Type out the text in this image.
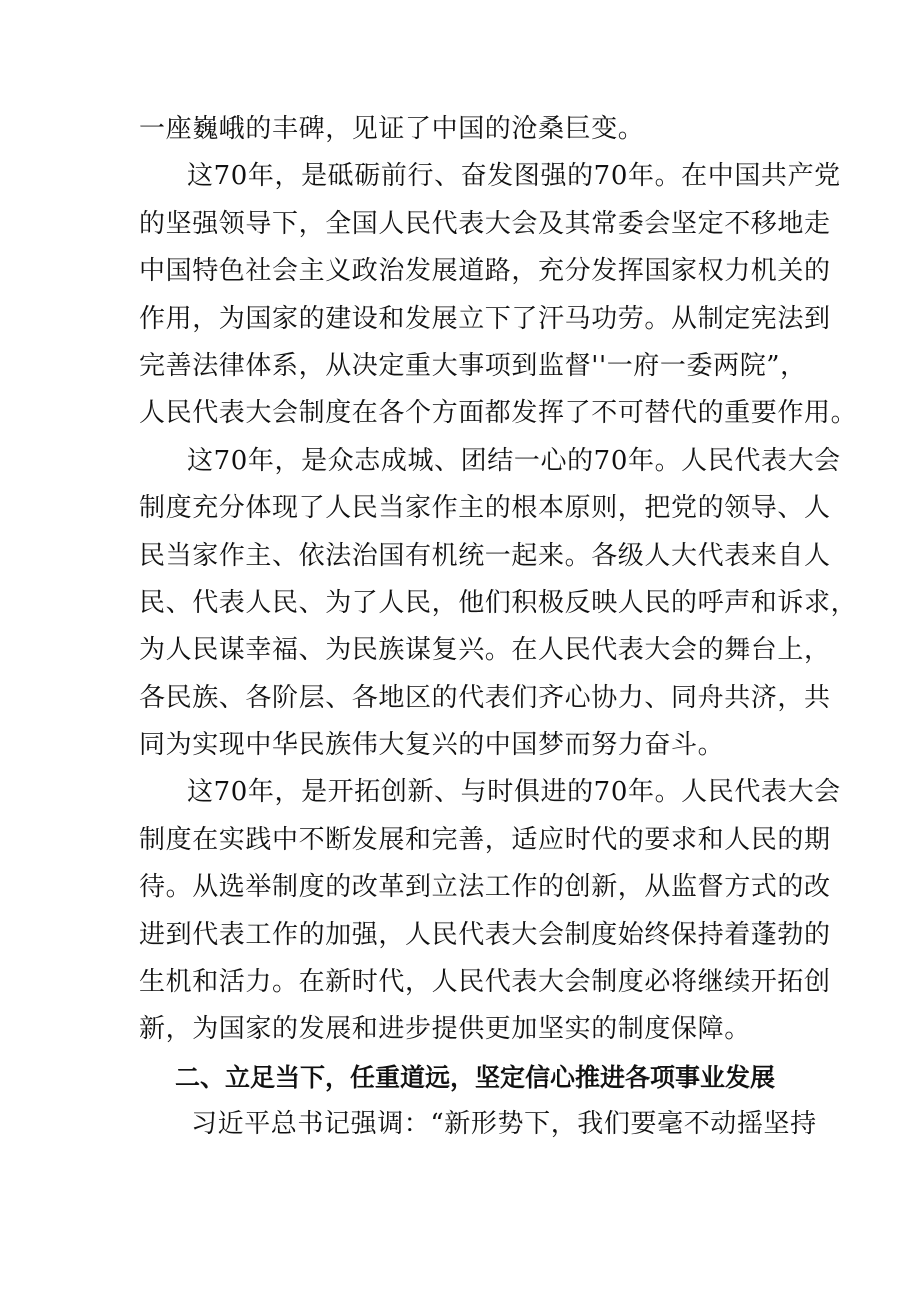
一座巍峨的丰碑，见证了中国的沧桑巨变。
这70年，是砥砺前行、奋发图强的70年。在中国共产党
的坚强领导下，全国人民代表大会及其常委会坚定不移地走
中国特色社会主义政治发展道路，充分发挥国家权力机关的
作用，为国家的建设和发展立下了汗马功劳。从制定宪法到
完善法律体系，从决定重大事项到监督''一府一委两院”，
人民代表大会制度在各个方面都发挥了不可替代的重要作用。
这70年，是众志成城、团结一心的70年。人民代表大会
制度充分体现了人民当家作主的根本原则，把党的领导、人
民当家作主、依法治国有机统一起来。各级人大代表来自人
民、代表人民、为了人民，他们积极反映人民的呼声和诉求，
为人民谋幸福、为民族谋复兴。在人民代表大会的舞台上，
各民族、各阶层、各地区的代表们齐心协力、同舟共济，共
同为实现中华民族伟大复兴的中国梦而努力奋斗。
这70年，是开拓创新、与时俱进的70年。人民代表大会
制度在实践中不断发展和完善，适应时代的要求和人民的期
待。从选举制度的改革到立法工作的创新，从监督方式的改
进到代表工作的加强，人民代表大会制度始终保持着蓬勃的
生机和活力。在新时代，人民代表大会制度必将继续开拓创
新，为国家的发展和进步提供更加坚实的制度保障。
二、立足当下，任重道远，坚定信心推进各项事业发展
习近平总书记强调：“新形势下，我们要毫不动摇坚持
